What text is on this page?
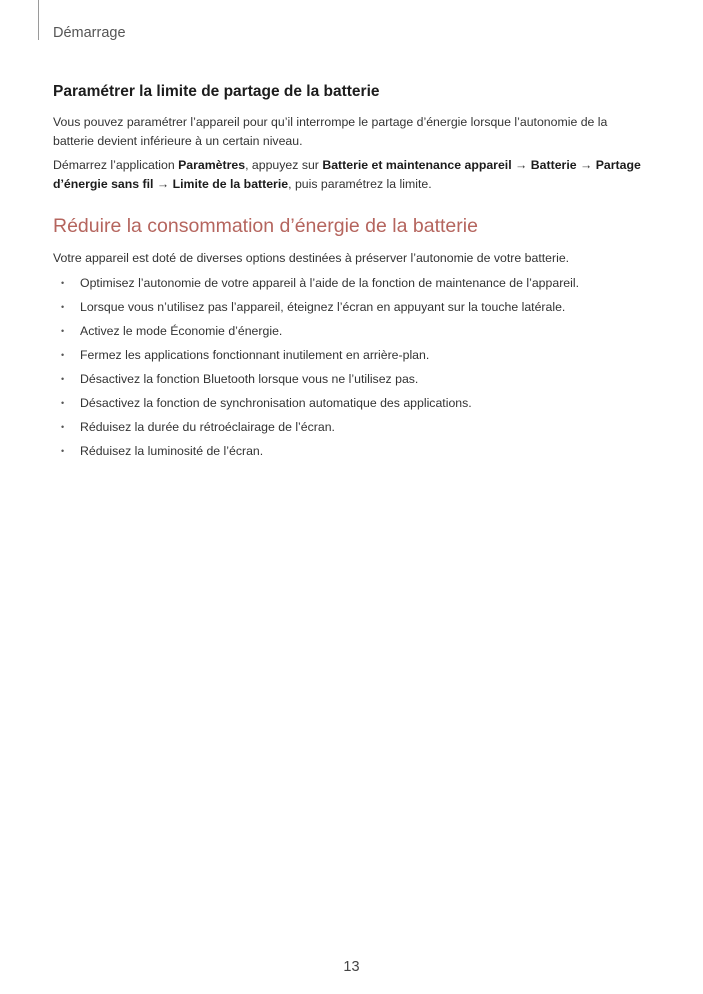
Démarrage
Paramétrer la limite de partage de la batterie

Vous pouvez paramétrer l’appareil pour qu’il interrompe le partage d’énergie lorsque l’autonomie de la batterie devient inférieure à un certain niveau.

Démarrez l’application Paramètres, appuyez sur Batterie et maintenance appareil → Batterie → Partage d’énergie sans fil → Limite de la batterie, puis paramétrez la limite.

Réduire la consommation d’énergie de la batterie

Votre appareil est doté de diverses options destinées à préserver l’autonomie de votre batterie.

• Optimisez l’autonomie de votre appareil à l’aide de la fonction de maintenance de l’appareil.
• Lorsque vous n’utilisez pas l’appareil, éteignez l’écran en appuyant sur la touche latérale.
• Activez le mode Économie d’énergie.
• Fermez les applications fonctionnant inutilement en arrière-plan.
• Désactivez la fonction Bluetooth lorsque vous ne l’utilisez pas.
• Désactivez la fonction de synchronisation automatique des applications.
• Réduisez la durée du rétroéclairage de l’écran.
• Réduisez la luminosité de l’écran.
13
